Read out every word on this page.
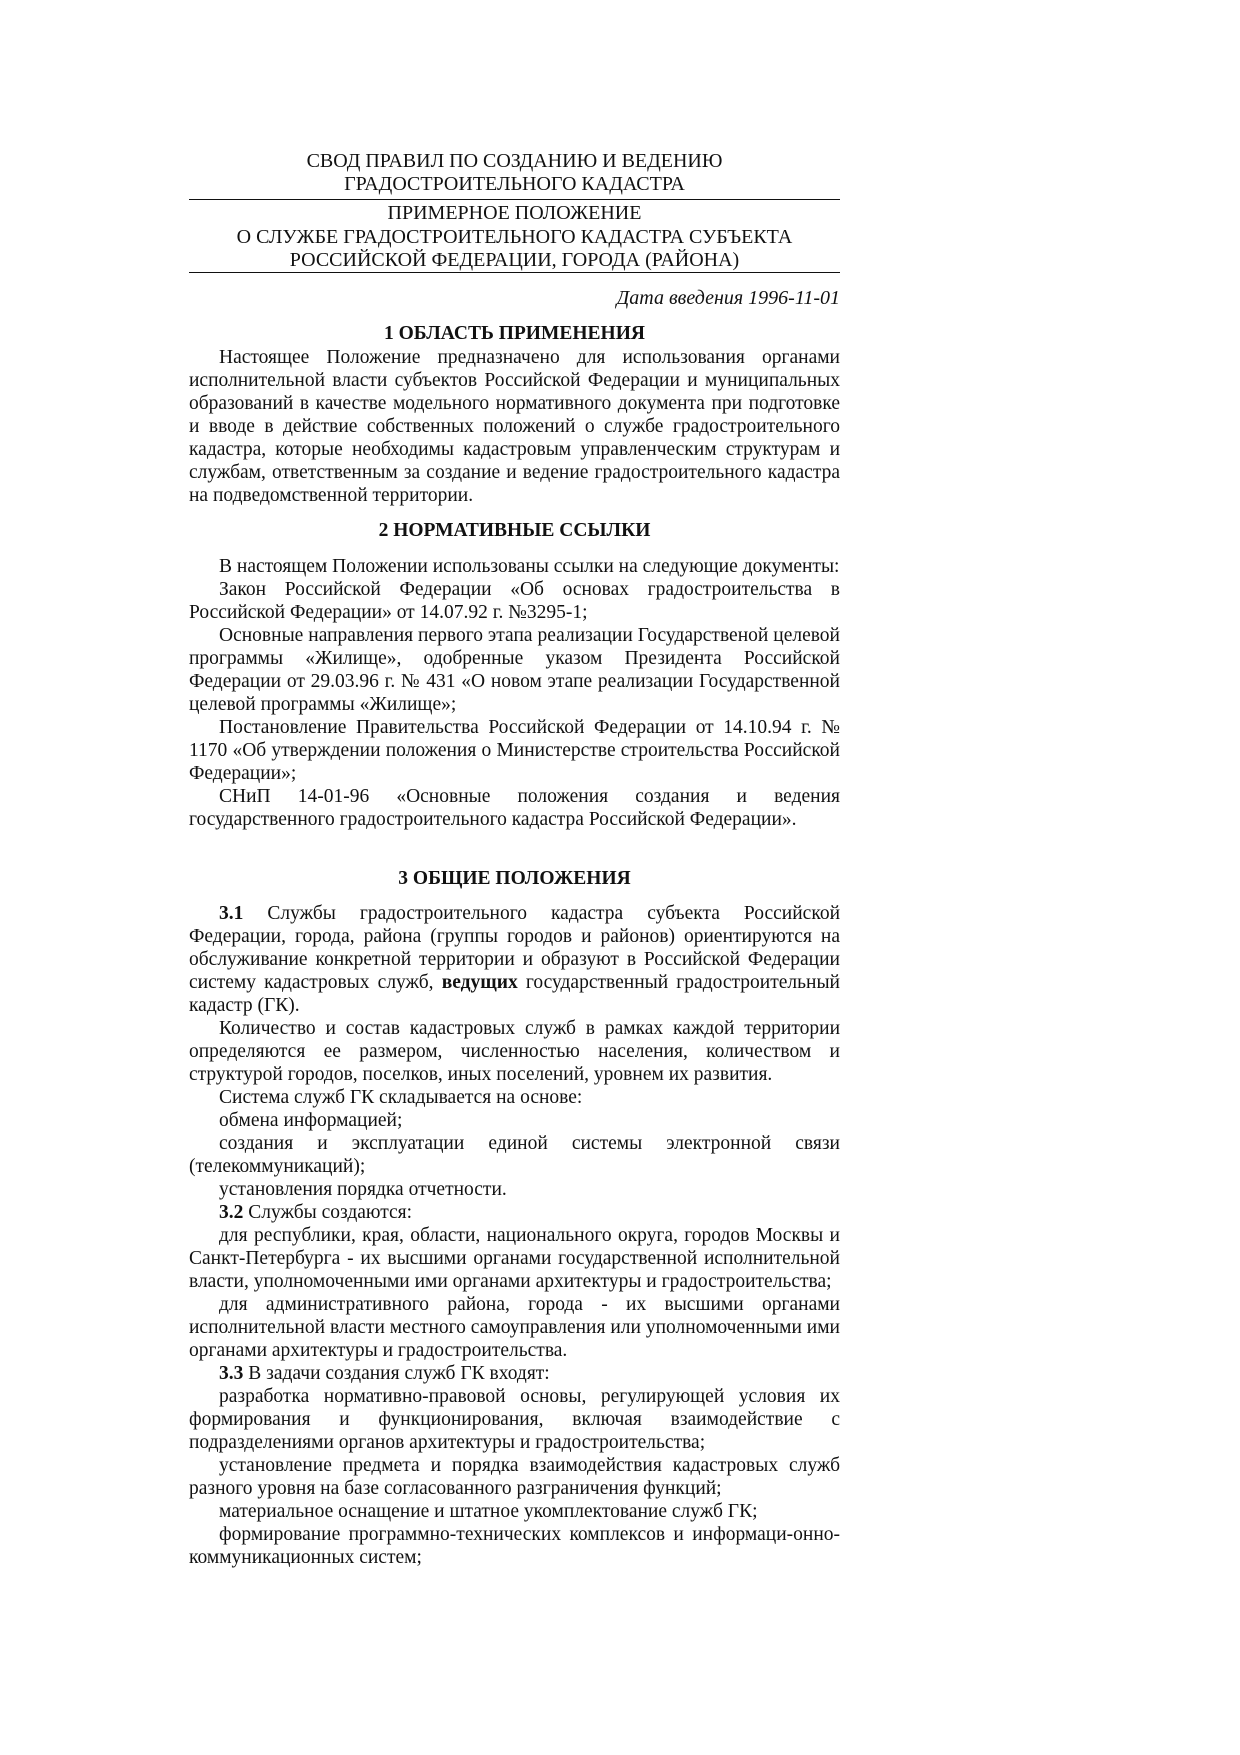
СВОД ПРАВИЛ ПО СОЗДАНИЮ И ВЕДЕНИЮ
ГРАДОСТРОИТЕЛЬНОГО КАДАСТРА
ПРИМЕРНОЕ ПОЛОЖЕНИЕ
О СЛУЖБЕ ГРАДОСТРОИТЕЛЬНОГО КАДАСТРА СУБЪЕКТА
РОССИЙСКОЙ ФЕДЕРАЦИИ, ГОРОДА (РАЙОНА)
Дата введения 1996-11-01
1 ОБЛАСТЬ ПРИМЕНЕНИЯ

Настоящее Положение предназначено для использования органами исполнительной власти субъектов Российской Федерации и муниципальных образований в качестве модельного нормативного документа при подготовке и вводе в действие собственных положений о службе градостроительного кадастра, которые необходимы кадастровым управленческим структурам и службам, ответственным за создание и ведение градостроительного кадастра на подведомственной территории.

2 НОРМАТИВНЫЕ ССЫЛКИ

В настоящем Положении использованы ссылки на следующие документы:

Закон Российской Федерации «Об основах градостроительства в Российской Федерации» от 14.07.92 г. №3295-1;

Основные направления первого этапа реализации Государственой целевой программы «Жилище», одобренные указом Президента Российской Федерации от 29.03.96 г. № 431 «О новом этапе реализации Государственной целевой программы «Жилище»;

Постановление Правительства Российской Федерации от 14.10.94 г. № 1170 «Об утверждении положения о Министерстве строительства Российской Федерации»;

СНиП 14-01-96 «Основные положения создания и ведения государственного градостроительного кадастра Российской Федерации».

3 ОБЩИЕ ПОЛОЖЕНИЯ

3.1 Службы градостроительного кадастра субъекта Российской Федерации, города, района (группы городов и районов) ориентируются на обслуживание конкретной территории и образуют в Российской Федерации систему кадастровых служб, ведущих государственный градостроительный кадастр (ГК).

Количество и состав кадастровых служб в рамках каждой территории определяются ее размером, численностью населения, количеством и структурой городов, поселков, иных поселений, уровнем их развития.

Система служб ГК складывается на основе:

обмена информацией;

создания и эксплуатации единой системы электронной связи (телекоммуникаций);

установления порядка отчетности.

3.2 Службы создаются:

для республики, края, области, национального округа, городов Москвы и Санкт-Петербурга - их высшими органами государственной исполнительной власти, уполномоченными ими органами архитектуры и градостроительства;

для административного района, города - их высшими органами исполнительной власти местного самоуправления или уполномоченными ими органами архитектуры и градостроительства.

3.3 В задачи создания служб ГК входят:

разработка нормативно-правовой основы, регулирующей условия их формирования и функционирования, включая взаимодействие с подразделениями органов архитектуры и градостроительства;

установление предмета и порядка взаимодействия кадастровых служб разного уровня на базе согласованного разграничения функций;

материальное оснащение и штатное укомплектование служб ГК;

формирование программно-технических комплексов и информаци-онно-коммуникационных систем;
